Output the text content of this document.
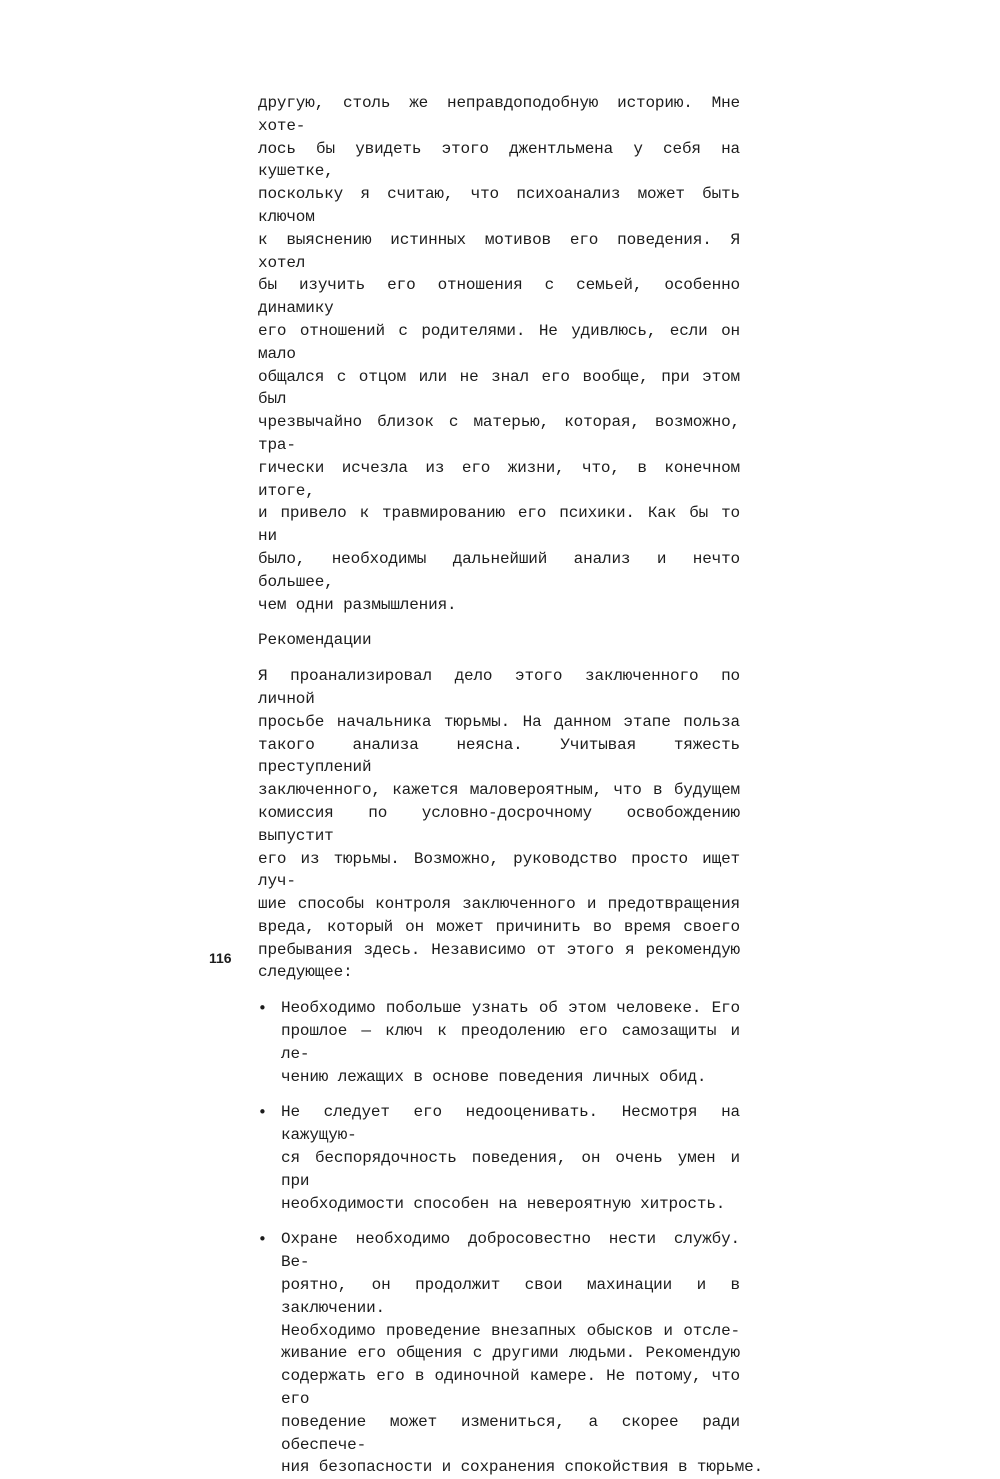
другую, столь же неправдоподобную историю. Мне хоте-
лось бы увидеть этого джентльмена у себя на кушетке,
поскольку я считаю, что психоанализ может быть ключом
к выяснению истинных мотивов его поведения. Я хотел
бы изучить его отношения с семьей, особенно динамику
его отношений с родителями. Не удивлюсь, если он мало
общался с отцом или не знал его вообще, при этом был
чрезвычайно близок с матерью, которая, возможно, тра-
гически исчезла из его жизни, что, в конечном итоге,
и привело к травмированию его психики. Как бы то ни
было, необходимы дальнейший анализ и нечто большее,
чем одни размышления.
Рекомендации
Я проанализировал дело этого заключенного по личной
просьбе начальника тюрьмы. На данном этапе польза
такого анализа неясна. Учитывая тяжесть преступлений
заключенного, кажется маловероятным, что в будущем
комиссия по условно-досрочному освобождению выпустит
его из тюрьмы. Возможно, руководство просто ищет луч-
шие способы контроля заключенного и предотвращения
вреда, который он может причинить во время своего
пребывания здесь. Независимо от этого я рекомендую
следующее:
• Необходимо побольше узнать об этом человеке. Его
прошлое — ключ к преодолению его самозащиты и ле-
чению лежащих в основе поведения личных обид.
• Не следует его недооценивать. Несмотря на кажущую-
ся беспорядочность поведения, он очень умен и при
необходимости способен на невероятную хитрость.
• Охране необходимо добросовестно нести службу. Ве-
роятно, он продолжит свои махинации и в заключении.
Необходимо проведение внезапных обысков и отсле-
живание его общения с другими людьми. Рекомендую
содержать его в одиночной камере. Не потому, что его
поведение может измениться, а скорее ради обеспече-
ния безопасности и сохранения спокойствия в тюрьме.
116
